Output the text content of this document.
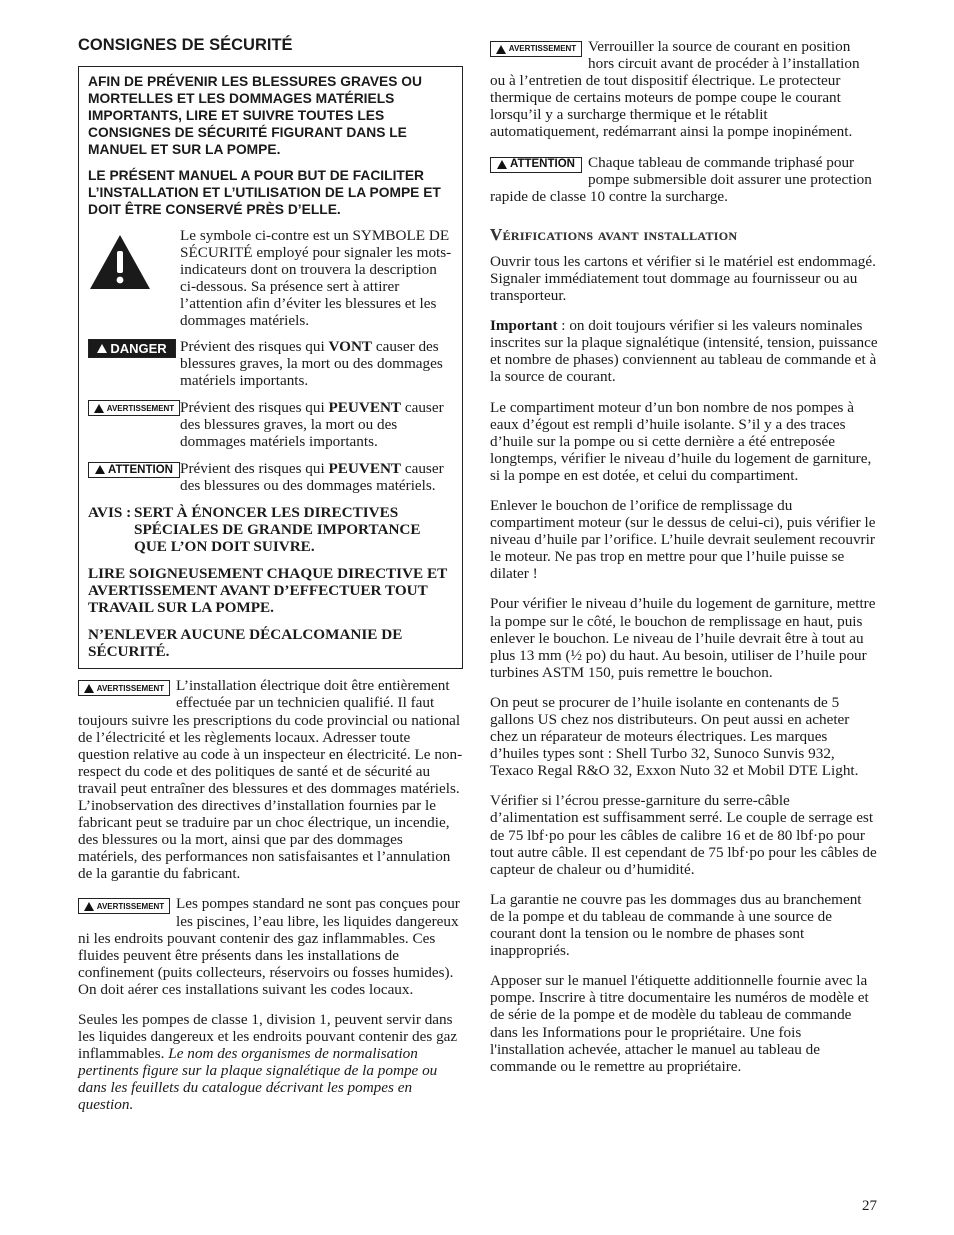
CONSIGNES DE SÉCURITÉ
AFIN DE PRÉVENIR LES BLESSURES GRAVES OU MORTELLES ET LES DOMMAGES MATÉRIELS IMPORTANTS, LIRE ET SUIVRE TOUTES LES CONSIGNES DE SÉCURITÉ FIGURANT DANS LE MANUEL ET SUR LA POMPE.
LE PRÉSENT MANUEL A POUR BUT DE FACILITER L’INSTALLATION ET L’UTILISATION DE LA POMPE ET DOIT ÊTRE CONSERVÉ PRÈS D’ELLE.

Le symbole ci-contre est un SYMBOLE DE SÉCURITÉ employé pour signaler les mots-indicateurs dont on trouvera la description ci-dessous. Sa présence sert à attirer l’attention afin d’éviter les blessures et les dommages matériels.

DANGER Prévient des risques qui VONT causer des blessures graves, la mort ou des dommages matériels importants.

AVERTISSEMENT Prévient des risques qui PEUVENT causer des blessures graves, la mort ou des dommages matériels importants.

ATTENTION Prévient des risques qui PEUVENT causer des blessures ou des dommages matériels.

AVIS : SERT À ÉNONCER LES DIRECTIVES SPÉCIALES DE GRANDE IMPORTANCE QUE L’ON DOIT SUIVRE.
LIRE SOIGNEUSEMENT CHAQUE DIRECTIVE ET AVERTISSEMENT AVANT D’EFFECTUER TOUT TRAVAIL SUR LA POMPE.
N’ENLEVER AUCUNE DÉCALCOMANIE DE SÉCURITÉ.

AVERTISSEMENT L’installation électrique doit être entièrement effectuée par un technicien qualifié. Il faut toujours suivre les prescriptions du code provincial ou national de l’électricité et les règlements locaux. Adresser toute question relative au code à un inspecteur en électricité. Le non-respect du code et des politiques de santé et de sécurité au travail peut entraîner des blessures et des dommages matériels. L’inobservation des directives d’installation fournies par le fabricant peut se traduire par un choc électrique, un incendie, des blessures ou la mort, ainsi que par des dommages matériels, des performances non satisfaisantes et l’annulation de la garantie du fabricant.

AVERTISSEMENT Les pompes standard ne sont pas conçues pour les piscines, l’eau libre, les liquides dangereux ni les endroits pouvant contenir des gaz inflammables. Ces fluides peuvent être présents dans les installations de confinement (puits collecteurs, réservoirs ou fosses humides). On doit aérer ces installations suivant les codes locaux.

Seules les pompes de classe 1, division 1, peuvent servir dans les liquides dangereux et les endroits pouvant contenir des gaz inflammables. Le nom des organismes de normalisation pertinents figure sur la plaque signalétique de la pompe ou dans les feuillets du catalogue décrivant les pompes en question.

AVERTISSEMENT Verrouiller la source de courant en position hors circuit avant de procéder à l’installation ou à l’entretien de tout dispositif électrique. Le protecteur thermique de certains moteurs de pompe coupe le courant lorsqu’il y a surcharge thermique et le rétablit automatiquement, redémarrant ainsi la pompe inopinément.

ATTENTION Chaque tableau de commande triphasé pour pompe submersible doit assurer une protection rapide de classe 10 contre la surcharge.

Vérifications avant installation

Ouvrir tous les cartons et vérifier si le matériel est endommagé. Signaler immédiatement tout dommage au fournisseur ou au transporteur.

Important : on doit toujours vérifier si les valeurs nominales inscrites sur la plaque signalétique (intensité, tension, puissance et nombre de phases) conviennent au tableau de commande et à la source de courant.

Le compartiment moteur d’un bon nombre de nos pompes à eaux d’égout est rempli d’huile isolante. S’il y a des traces d’huile sur la pompe ou si cette dernière a été entreposée longtemps, vérifier le niveau d’huile du logement de garniture, si la pompe en est dotée, et celui du compartiment.

Enlever le bouchon de l’orifice de remplissage du compartiment moteur (sur le dessus de celui-ci), puis vérifier le niveau d’huile par l’orifice. L’huile devrait seulement recouvrir le moteur. Ne pas trop en mettre pour que l’huile puisse se dilater !

Pour vérifier le niveau d’huile du logement de garniture, mettre la pompe sur le côté, le bouchon de remplissage en haut, puis enlever le bouchon. Le niveau de l’huile devrait être à tout au plus 13 mm (½ po) du haut. Au besoin, utiliser de l’huile pour turbines ASTM 150, puis remettre le bouchon.

On peut se procurer de l’huile isolante en contenants de 5 gallons US chez nos distributeurs. On peut aussi en acheter chez un réparateur de moteurs électriques. Les marques d’huiles types sont : Shell Turbo 32, Sunoco Sunvis 932, Texaco Regal R&O 32, Exxon Nuto 32 et Mobil DTE Light.

Vérifier si l’écrou presse-garniture du serre-câble d’alimentation est suffisamment serré. Le couple de serrage est de 75 lbf·po pour les câbles de calibre 16 et de 80 lbf·po pour tout autre câble. Il est cependant de 75 lbf·po pour les câbles de capteur de chaleur ou d’humidité.

La garantie ne couvre pas les dommages dus au branchement de la pompe et du tableau de commande à une source de courant dont la tension ou le nombre de phases sont inappropriés.

Apposer sur le manuel l'étiquette additionnelle fournie avec la pompe. Inscrire à titre documentaire les numéros de modèle et de série de la pompe et de modèle du tableau de commande dans les Informations pour le propriétaire. Une fois l'installation achevée, attacher le manuel au tableau de commande ou le remettre au propriétaire.

27
